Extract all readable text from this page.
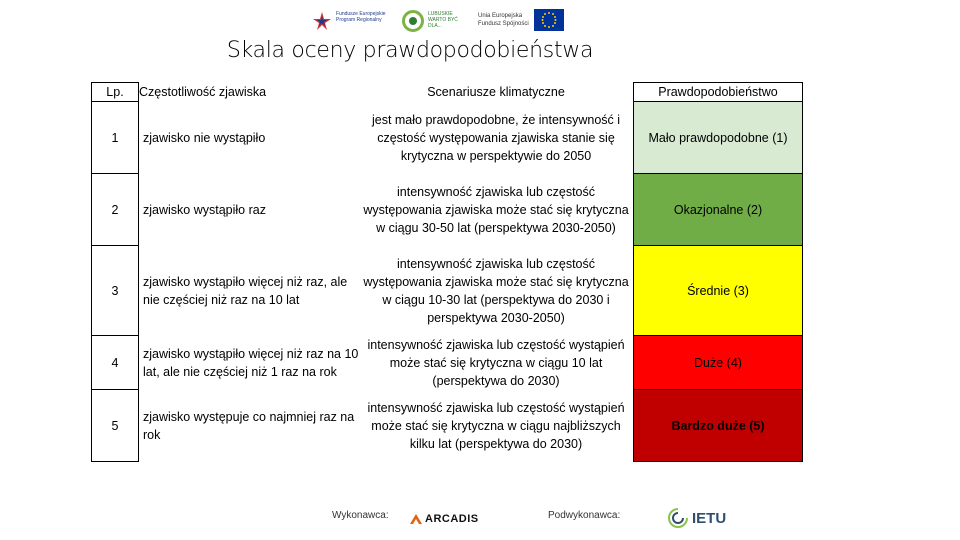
Fundusze Europejskie Program Regionalny
LUBUSKIE WARTO BYĆ DLA...
Unia Europejska Fundusz Spójności
Skala oceny prawdopodobieństwa
Lp.	Częstotliwość zjawiska	Scenariusze klimatyczne	Prawdopodobieństwo
1	zjawisko nie wystąpiło	jest mało prawdopodobne, że intensywność i częstość występowania zjawiska stanie się krytyczna w perspektywie do 2050	Mało prawdopodobne (1)
2	zjawisko wystąpiło raz	intensywność zjawiska lub częstość występowania zjawiska może stać się krytyczna w ciągu 30-50 lat (perspektywa 2030-2050)	Okazjonalne (2)
3	zjawisko wystąpiło więcej niż raz, ale nie częściej niż raz na 10 lat	intensywność zjawiska lub częstość występowania zjawiska może stać się krytyczna w ciągu 10-30 lat (perspektywa do 2030 i perspektywa 2030-2050)	Średnie (3)
4	zjawisko wystąpiło więcej niż raz na 10 lat, ale nie częściej niż 1 raz na rok	intensywność zjawiska lub częstość wystąpień może stać się krytyczna w ciągu 10 lat (perspektywa do 2030)	Duże (4)
5	zjawisko występuje co najmniej raz na rok	intensywność zjawiska lub częstość wystąpień może stać się krytyczna w ciągu najbliższych kilku lat (perspektywa do 2030)	Bardzo duże (5)
Wykonawca:	ARCADIS	Podwykonawca:	IETU
